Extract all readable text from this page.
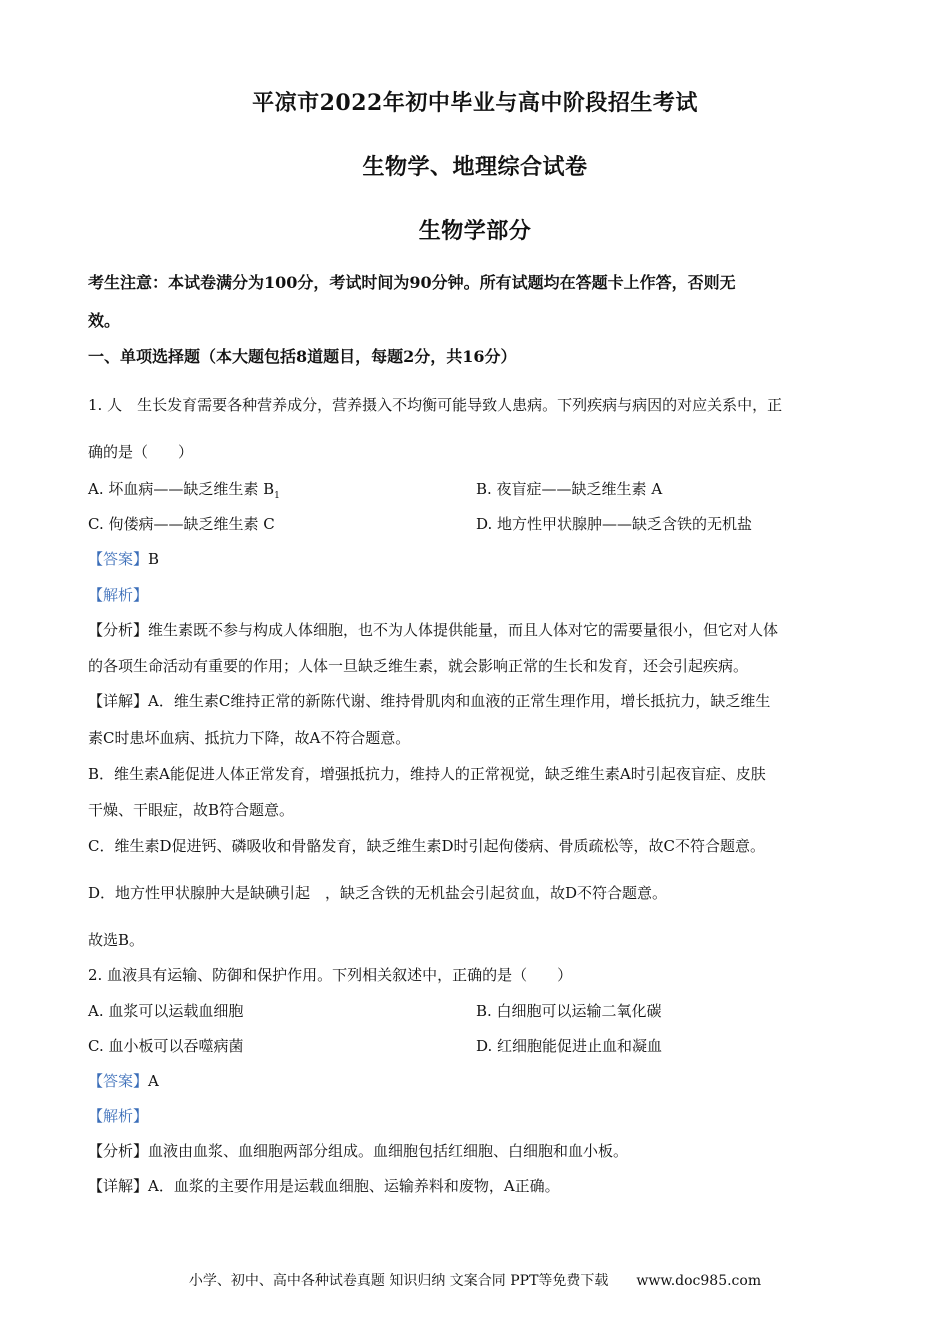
平凉市2022年初中毕业与高中阶段招生考试
生物学、地理综合试卷
生物学部分
考生注意：本试卷满分为100分，考试时间为90分钟。所有试题均在答题卡上作答，否则无
效。
一、单项选择题（本大题包括8道题目，每题2分，共16分）
1. 人　生长发育需要各种营养成分，营养摄入不均衡可能导致人患病。下列疾病与病因的对应关系中，正
确的是（　　）
A. 坏血病——缺乏维生素 $B_1$	B. 夜盲症——缺乏维生素 A
C. 佝偻病——缺乏维生素 C	D. 地方性甲状腺肿——缺乏含铁的无机盐
【答案】B
【解析】
【分析】维生素既不参与构成人体细胞，也不为人体提供能量，而且人体对它的需要量很小，但它对人体
的各项生命活动有重要的作用；人体一旦缺乏维生素，就会影响正常的生长和发育，还会引起疾病。
【详解】A．维生素C维持正常的新陈代谢、维持骨肌肉和血液的正常生理作用，增长抵抗力，缺乏维生
素C时患坏血病、抵抗力下降，故A不符合题意。
B．维生素A能促进人体正常发育，增强抵抗力，维持人的正常视觉，缺乏维生素A时引起夜盲症、皮肤
干燥、干眼症，故B符合题意。
C．维生素D促进钙、磷吸收和骨骼发育，缺乏维生素D时引起佝偻病、骨质疏松等，故C不符合题意。
D．地方性甲状腺肿大是缺碘引起　，缺乏含铁的无机盐会引起贫血，故D不符合题意。
故选B。
2. 血液具有运输、防御和保护作用。下列相关叙述中，正确的是（　　）
A. 血浆可以运载血细胞	B. 白细胞可以运输二氧化碳
C. 血小板可以吞噬病菌	D. 红细胞能促进止血和凝血
【答案】A
【解析】
【分析】血液由血浆、血细胞两部分组成。血细胞包括红细胞、白细胞和血小板。
【详解】A．血浆的主要作用是运载血细胞、运输养料和废物，A正确。
小学、初中、高中各种试卷真题 知识归纳 文案合同 PPT等免费下载　　www.doc985.com
